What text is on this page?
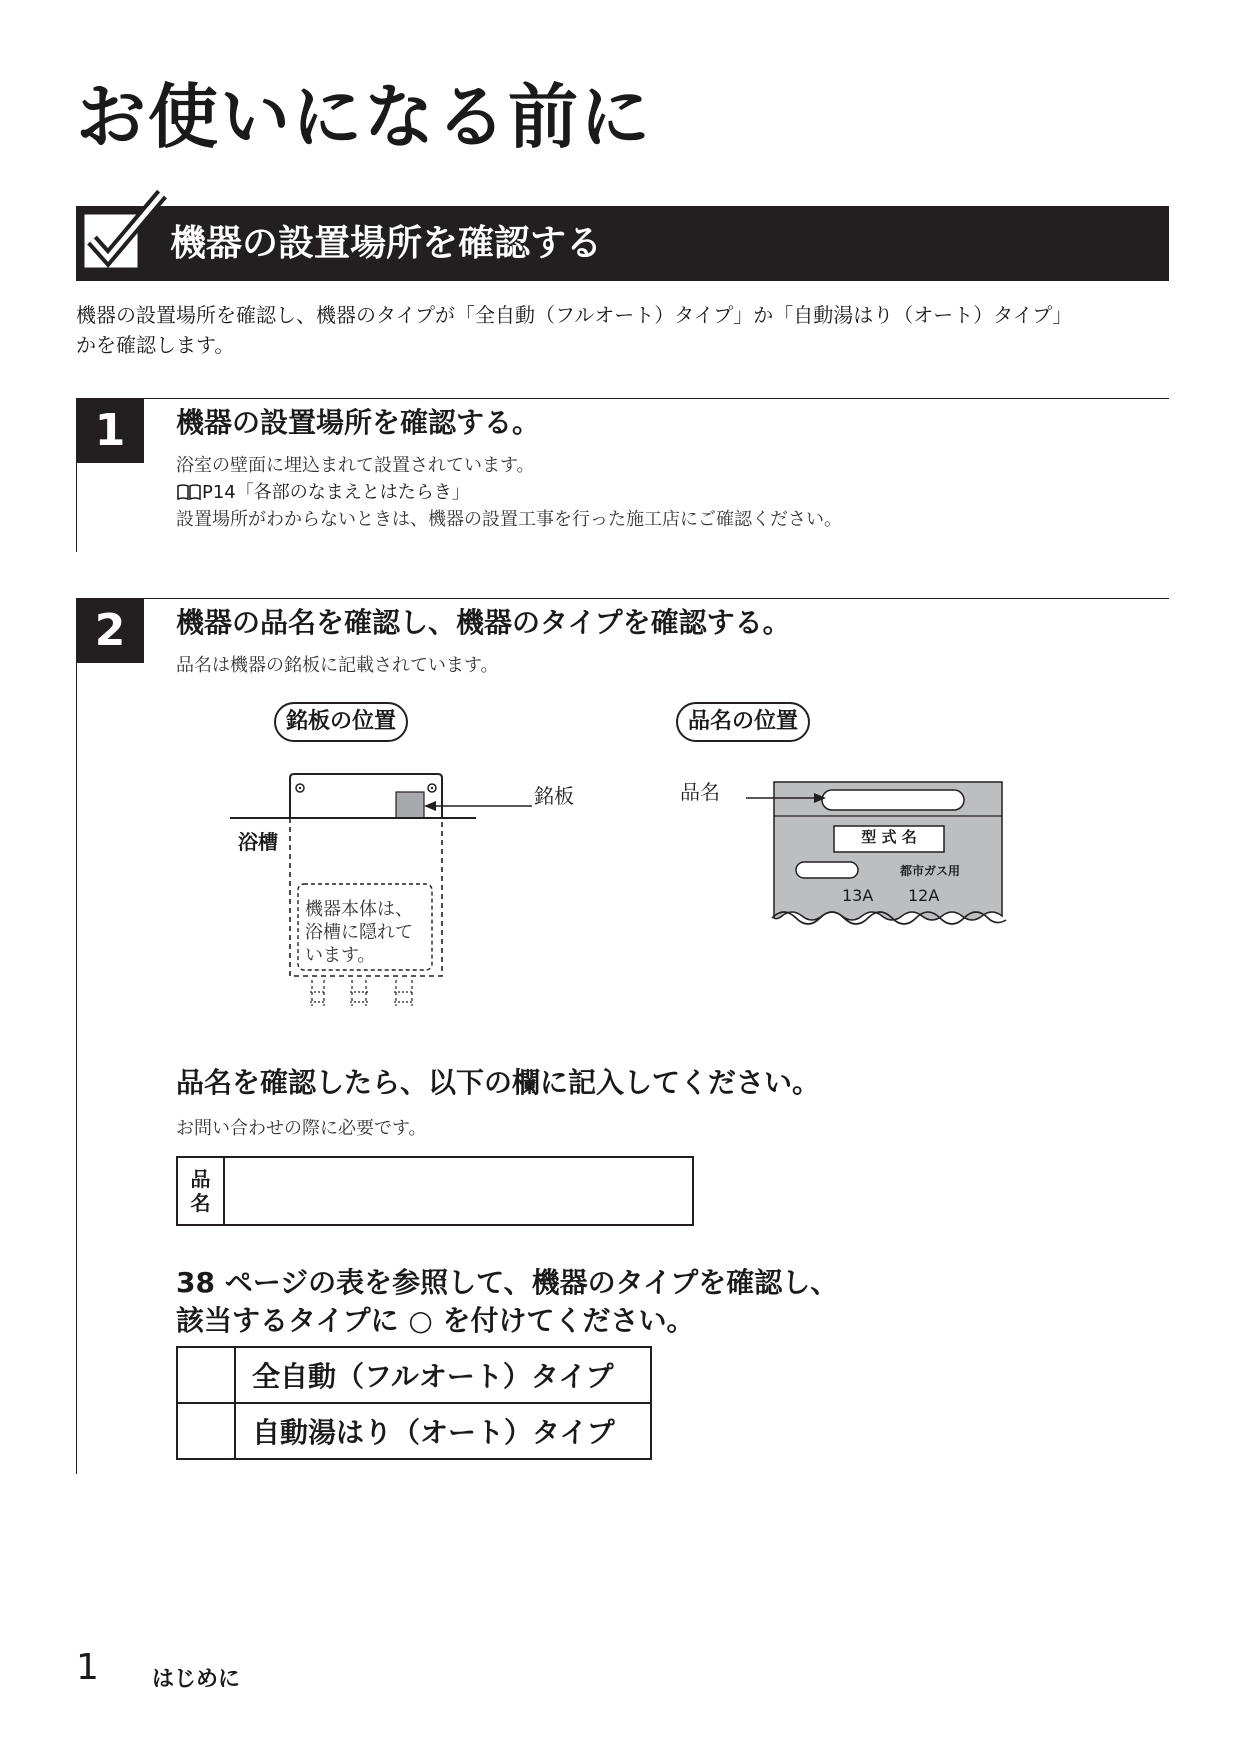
お使いになる前に
機器の設置場所を確認する
機器の設置場所を確認し、機器のタイプが「全自動（フルオート）タイプ」か「自動湯はり（オート）タイプ」
かを確認します。
1	機器の設置場所を確認する。
浴室の壁面に埋込まれて設置されています。
P14「各部のなまえとはたらき」
設置場所がわからないときは、機器の設置工事を行った施工店にご確認ください。
2	機器の品名を確認し、機器のタイプを確認する。
品名は機器の銘板に記載されています。
銘板の位置
銘板
浴槽
機器本体は、
浴槽に隠れて
います。
品名の位置
品名
型 式 名
都市ガス用
13A 12A
品名を確認したら、以下の欄に記入してください。
お問い合わせの際に必要です。
品名
38 ページの表を参照して、機器のタイプを確認し、
該当するタイプに ○ を付けてください。
	全自動（フルオート）タイプ
	自動湯はり（オート）タイプ
1 はじめに
